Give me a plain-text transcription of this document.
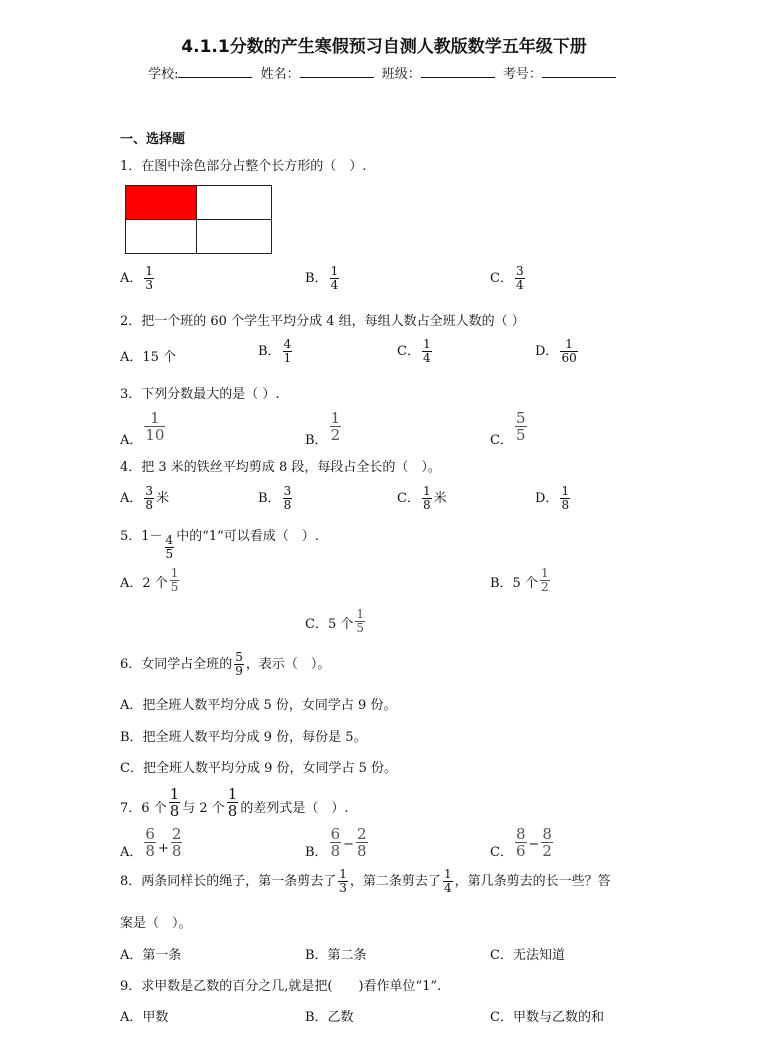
4.1.1分数的产生寒假预习自测人教版数学五年级下册
学校:	姓名：	班级：	考号：
一、选择题
1．在图中涂色部分占整个长方形的（　）.
A． $\frac{1}{3}$	B． $\frac{1}{4}$	C． $\frac{3}{4}$
2．把一个班的 60 个学生平均分成 4 组，每组人数占全班人数的（ ）
A．15 个	B． $\frac{4}{1}$	C． $\frac{1}{4}$	D． $\frac{1}{60}$
3．下列分数最大的是（ ）.
A． $\frac{1}{10}$	B． $\frac{1}{2}$	C． $\frac{5}{5}$
4．把 3 米的铁丝平均剪成 8 段，每段占全长的（　）。
A． $\frac{3}{8}$ 米	B． $\frac{3}{8}$	C． $\frac{1}{8}$ 米	D． $\frac{1}{8}$
5．$1- \frac{4}{5}$ 中的“1”可以看成（　）.
A．2 个 $\frac{1}{5}$	B．5 个 $\frac{1}{2}$
C．5 个 $\frac{1}{5}$
6．女同学占全班的 $\frac{5}{9}$ ，表示（　）。
A．把全班人数平均分成 5 份，女同学占 9 份。
B．把全班人数平均分成 9 份，每份是 5。
C．把全班人数平均分成 9 份，女同学占 5 份。
7．6 个 $\frac{1}{8}$ 与 2 个 $\frac{1}{8}$ 的差列式是（　）.
A． $\frac{6}{8} + \frac{2}{8}$	B． $\frac{6}{8} - \frac{2}{8}$	C． $\frac{8}{6} - \frac{8}{2}$
8．两条同样长的绳子，第一条剪去了 $\frac{1}{3}$ ，第二条剪去了 $\frac{1}{4}$ ，第几条剪去的长一些？答
案是（　）。
A．第一条	B．第二条	C．无法知道
9．求甲数是乙数的百分之几,就是把(　　)看作单位“1”.
A．甲数	B．乙数	C．甲数与乙数的和
